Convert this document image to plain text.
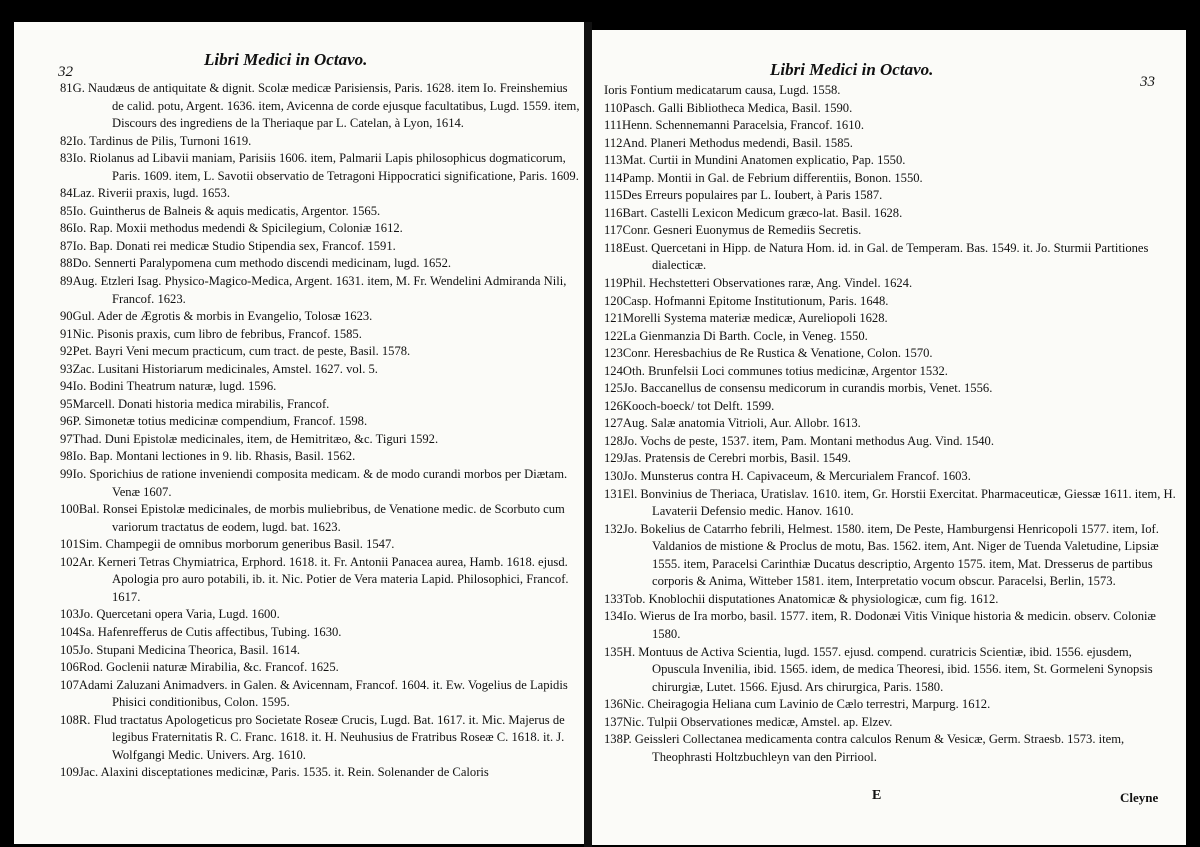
32
Libri Medici in Octavo.
81G. Naudæus de antiquitate & dignit. Scolæ medicæ Parisiensis, Paris. 1628. item Io. Freinshemius de calid. potu, Argent. 1636. item, Avicenna de corde ejusque facultatibus, Lugd. 1559. item, Discours des ingrediens de la Theriaque par L. Catelan, à Lyon, 1614.
82Io. Tardinus de Pilis, Turnoni 1619.
83Io. Riolanus ad Libavii maniam, Parisiis 1606. item, Palmarii Lapis philosophicus dogmaticorum, Paris. 1609. item, L. Savotii observatio de Tetragoni Hippocratici significatione, Paris. 1609.
84Laz. Riverii praxis, lugd. 1653.
85Io. Guintherus de Balneis & aquis medicatis, Argentor. 1565.
86Io. Rap. Moxii methodus medendi & Spicilegium, Coloniæ 1612.
87Io. Bap. Donati rei medicæ Studio Stipendia sex, Francof. 1591.
88Do. Sennerti Paralypomena cum methodo discendi medicinam, lugd. 1652.
89Aug. Etzleri Isag. Physico-Magico-Medica, Argent. 1631. item, M. Fr. Wendelini Admiranda Nili, Francof. 1623.
90Gul. Ader de Ægrotis & morbis in Evangelio, Tolosæ 1623.
91Nic. Pisonis praxis, cum libro de febribus, Francof. 1585.
92Pet. Bayri Veni mecum practicum, cum tract. de peste, Basil. 1578.
93Zac. Lusitani Historiarum medicinales, Amstel. 1627. vol. 5.
94Io. Bodini Theatrum naturæ, lugd. 1596.
95Marcell. Donati historia medica mirabilis, Francof.
96P. Simonetæ totius medicinæ compendium, Francof. 1598.
97Thad. Duni Epistolæ medicinales, item, de Hemitritæo, &c. Tiguri 1592.
98Io. Bap. Montani lectiones in 9. lib. Rhasis, Basil. 1562.
99Io. Sporichius de ratione inveniendi composita medicam. & de modo curandi morbos per Diætam. Venæ 1607.
100Bal. Ronsei Epistolæ medicinales, de morbis muliebribus, de Venatione medic. de Scorbuto cum variorum tractatus de eodem, lugd. bat. 1623.
101Sim. Champegii de omnibus morborum generibus Basil. 1547.
102Ar. Kerneri Tetras Chymiatrica, Erphord. 1618. it. Fr. Antonii Panacea aurea, Hamb. 1618. ejusd. Apologia pro auro potabili, ib. it. Nic. Potier de Vera materia Lapid. Philosophici, Francof. 1617.
103Jo. Quercetani opera Varia, Lugd. 1600.
104Sa. Hafenrefferus de Cutis affectibus, Tubing. 1630.
105Jo. Stupani Medicina Theorica, Basil. 1614.
106Rod. Goclenii naturæ Mirabilia, &c. Francof. 1625.
107Adami Zaluzani Animadvers. in Galen. & Avicennam, Francof. 1604. it. Ew. Vogelius de Lapidis Phisici conditionibus, Colon. 1595.
108R. Flud tractatus Apologeticus pro Societate Roseæ Crucis, Lugd. Bat. 1617. it. Mic. Majerus de legibus Fraternitatis R. C. Franc. 1618. it. H. Neuhusius de Fratribus Roseæ C. 1618. it. J. Wolfgangi Medic. Univers. Arg. 1610.
109Jac. Alaxini disceptationes medicinæ, Paris. 1535. it. Rein. Solenander de Caloris
Libri Medici in Octavo.
33
Ioris Fontium medicatarum causa, Lugd. 1558.
110Pasch. Galli Bibliotheca Medica, Basil. 1590.
111Henn. Schennemanni Paracelsia, Francof. 1610.
112And. Planeri Methodus medendi, Basil. 1585.
113Mat. Curtii in Mundini Anatomen explicatio, Pap. 1550.
114Pamp. Montii in Gal. de Febrium differentiis, Bonon. 1550.
115Des Erreurs populaires par L. Ioubert, à Paris 1587.
116Bart. Castelli Lexicon Medicum græco-lat. Basil. 1628.
117Conr. Gesneri Euonymus de Remediis Secretis.
118Eust. Quercetani in Hipp. de Natura Hom. id. in Gal. de Temperam. Bas. 1549. it. Jo. Sturmii Partitiones dialecticæ.
119Phil. Hechstetteri Observationes raræ, Ang. Vindel. 1624.
120Casp. Hofmanni Epitome Institutionum, Paris. 1648.
121Morelli Systema materiæ medicæ, Aureliopoli 1628.
122La Gienmanzia Di Barth. Cocle, in Veneg. 1550.
123Conr. Heresbachius de Re Rustica & Venatione, Colon. 1570.
124Oth. Brunfelsii Loci communes totius medicinæ, Argentor 1532.
125Jo. Baccanellus de consensu medicorum in curandis morbis, Venet. 1556.
126Kooch-boeck/ tot Delft. 1599.
127Aug. Salæ anatomia Vitrioli, Aur. Allobr. 1613.
128Jo. Vochs de peste, 1537. item, Pam. Montani methodus Aug. Vind. 1540.
129Jas. Pratensis de Cerebri morbis, Basil. 1549.
130Jo. Munsterus contra H. Capivaceum, & Mercurialem Francof. 1603.
131El. Bonvinius de Theriaca, Uratislav. 1610. item, Gr. Horstii Exercitat. Pharmaceuticæ, Giessæ 1611. item, H. Lavaterii Defensio medic. Hanov. 1610.
132Jo. Bokelius de Catarrho febrili, Helmest. 1580. item, De Peste, Hamburgensi Henricopoli 1577. item, Iof. Valdanios de mistione & Proclus de motu, Bas. 1562. item, Ant. Niger de Tuenda Valetudine, Lipsiæ 1555. item, Paracelsi Carinthiæ Ducatus descriptio, Argento 1575. item, Mat. Dresserus de partibus corporis & Anima, Witteber 1581. item, Interpretatio vocum obscur. Paracelsi, Berlin, 1573.
133Tob. Knoblochii disputationes Anatomicæ & physiologicæ, cum fig. 1612.
134Io. Wierus de Ira morbo, basil. 1577. item, R. Dodonæi Vitis Vinique historia & medicin. observ. Coloniæ 1580.
135H. Montuus de Activa Scientia, lugd. 1557. ejusd. compend. curatricis Scientiæ, ibid. 1556. ejusdem, Opuscula Invenilia, ibid. 1565. idem, de medica Theoresi, ibid. 1556. item, St. Gormeleni Synopsis chirurgiæ, Lutet. 1566. Ejusd. Ars chirurgica, Paris. 1580.
136Nic. Cheiragogia Heliana cum Lavinio de Cælo terrestri, Marpurg. 1612.
137Nic. Tulpii Observationes medicæ, Amstel. ap. Elzev.
138P. Geissleri Collectanea medicamenta contra calculos Renum & Vesicæ, Germ. Straesb. 1573. item, Theophrasti Holtzbuchleyn van den Pirriool.
E	Cleyne
